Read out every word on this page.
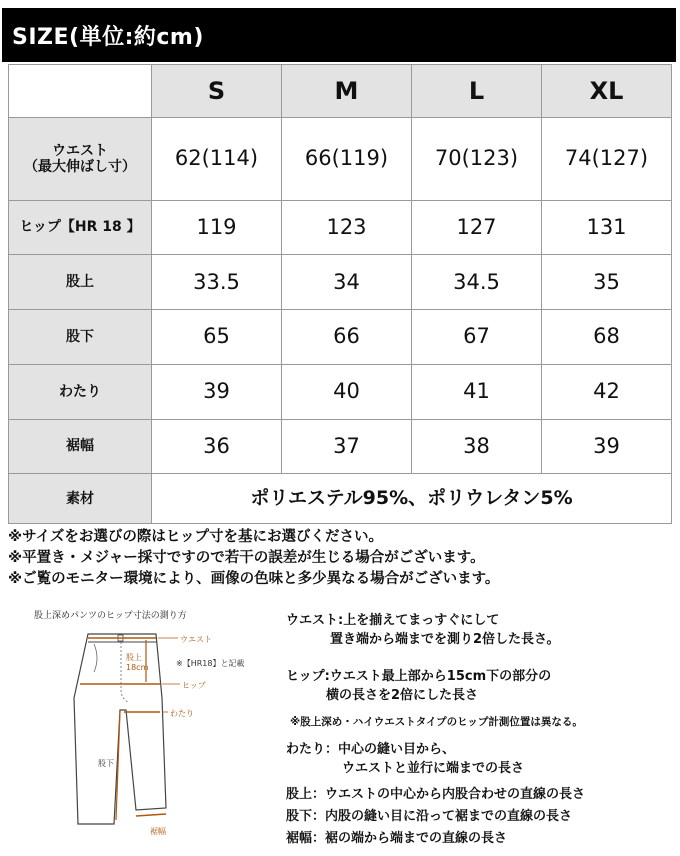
SIZE(単位:約cm)
	S	M	L	XL

ウエスト
（最大伸ばし寸）	62(114)	66(119)	70(123)	74(127)
ヒップ【HR 18 】	119	123	127	131
股上	33.5	34	34.5	35
股下	65	66	67	68
わたり	39	40	41	42
裾幅	36	37	38	39
素材	ポリエステル95%、ポリウレタン5%			
※サイズをお選びの際はヒップ寸を基にお選びください。
※平置き・メジャー採寸ですので若干の誤差が生じる場合がございます。
※ご覧のモニター環境により、画像の色味と多少異なる場合がございます。
股上深めパンツのヒップ寸法の測り方
ウエスト
股上
18cm	※【HR18】と記載
ヒップ
わたり
股下
裾幅
ウエスト:上を揃えてまっすぐにして
置き端から端までを測り2倍した長さ。
ヒップ:ウエスト最上部から15cm下の部分の
横の長さを2倍にした長さ
※股上深め・ハイウエストタイプのヒップ計測位置は異なる。
わたり：中心の縫い目から、
ウエストと並行に端までの長さ
股上：ウエストの中心から内股合わせの直線の長さ
股下：内股の縫い目に沿って裾までの直線の長さ
裾幅：裾の端から端までの直線の長さ
